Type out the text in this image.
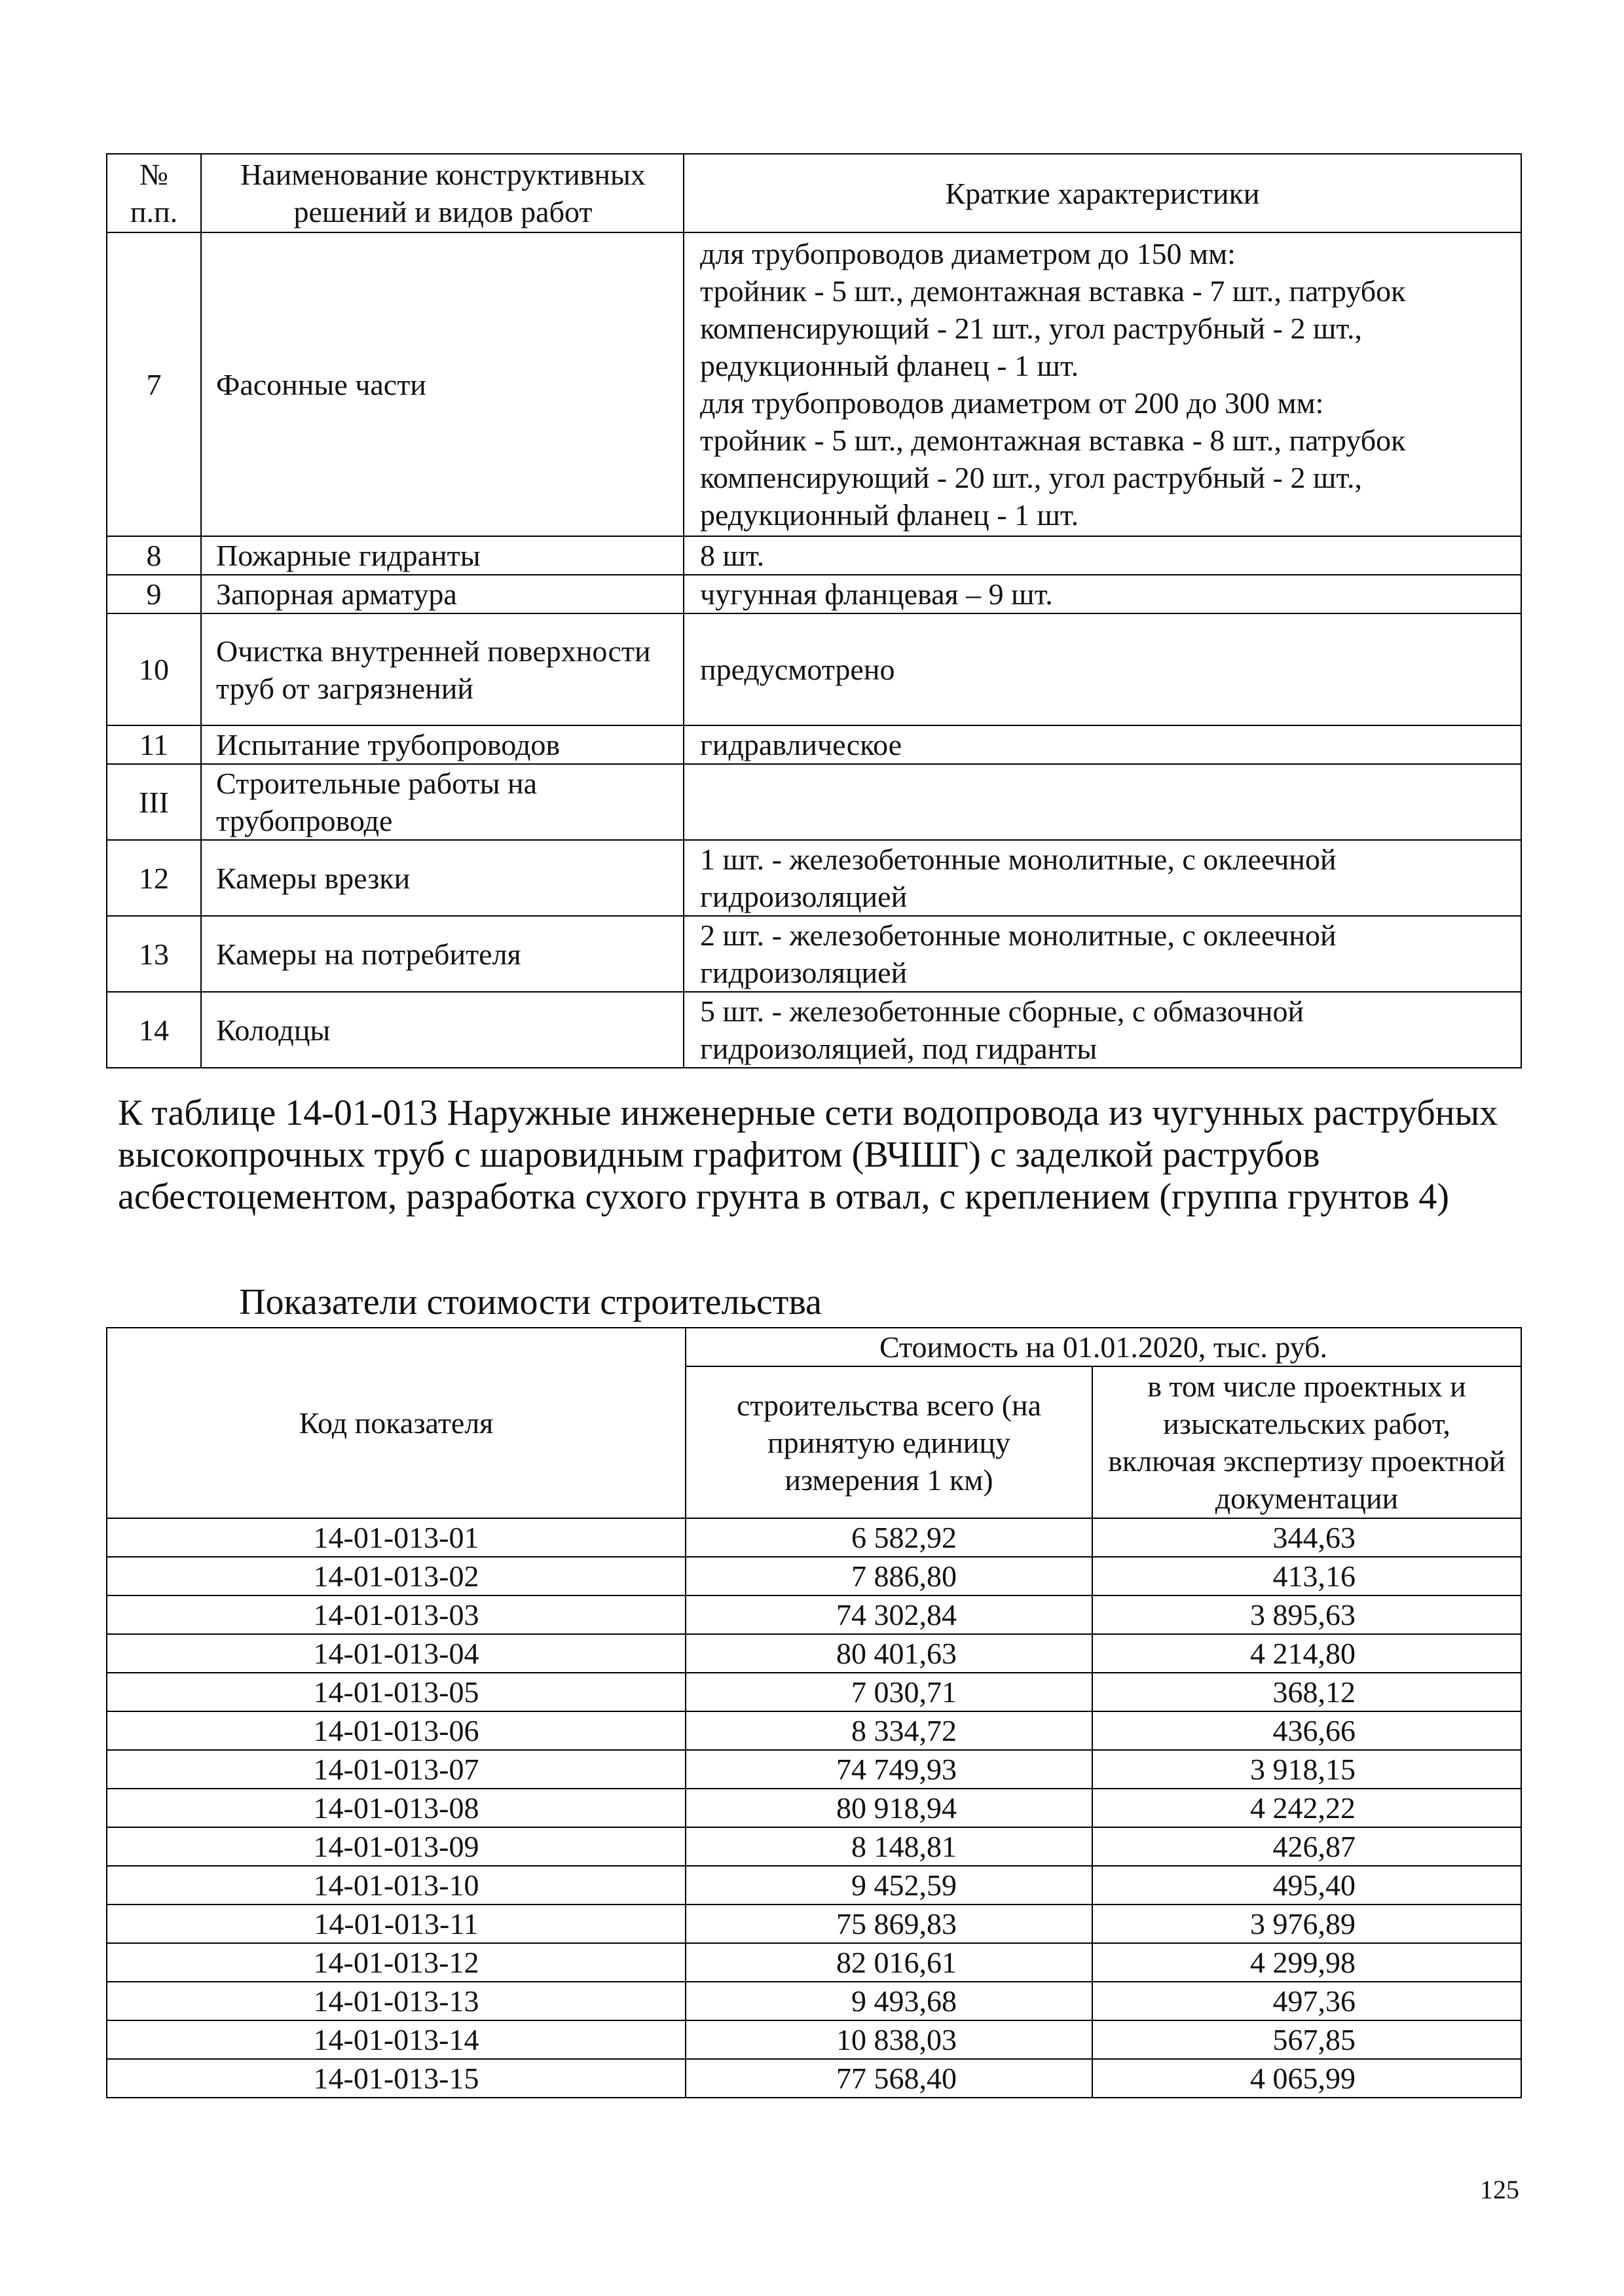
№ п.п.	Наименование конструктивных решений и видов работ	Краткие характеристики
7	Фасонные части	для трубопроводов диаметром до 150 мм:
тройник - 5 шт., демонтажная вставка - 7 шт., патрубок компенсирующий - 21 шт., угол раструбный - 2 шт., редукционный фланец - 1 шт.
для трубопроводов диаметром от 200 до 300 мм:
тройник - 5 шт., демонтажная вставка - 8 шт., патрубок компенсирующий - 20 шт., угол раструбный - 2 шт., редукционный фланец - 1 шт.

8	Пожарные гидранты	8 шт.

9	Запорная арматура	чугунная фланцевая – 9 шт.

10	Очистка внутренней поверхности труб от загрязнений	предусмотрено

11	Испытание трубопроводов	гидравлическое

III	Строительные работы на трубопроводе	

12	Камеры врезки	1 шт. - железобетонные монолитные, с оклеечной гидроизоляцией

13	Камеры на потребителя	2 шт. - железобетонные монолитные, с оклеечной гидроизоляцией

14	Колодцы	5 шт. - железобетонные сборные, с обмазочной гидроизоляцией, под гидранты
К таблице 14-01-013 Наружные инженерные сети водопровода из чугунных раструбных высокопрочных труб с шаровидным графитом (ВЧШГ) с заделкой раструбов асбестоцементом, разработка сухого грунта в отвал, с креплением (группа грунтов 4)
Показатели стоимости строительства
Код показателя	Стоимость на 01.01.2020, тыс. руб.	
	строительства всего (на принятую единицу измерения 1 км)	в том числе проектных и изыскательских работ, включая экспертизу проектной документации
14-01-013-01	6 582,92	344,63
14-01-013-02	7 886,80	413,16
14-01-013-03	74 302,84	3 895,63
14-01-013-04	80 401,63	4 214,80
14-01-013-05	7 030,71	368,12
14-01-013-06	8 334,72	436,66
14-01-013-07	74 749,93	3 918,15
14-01-013-08	80 918,94	4 242,22
14-01-013-09	8 148,81	426,87
14-01-013-10	9 452,59	495,40
14-01-013-11	75 869,83	3 976,89
14-01-013-12	82 016,61	4 299,98
14-01-013-13	9 493,68	497,36
14-01-013-14	10 838,03	567,85
14-01-013-15	77 568,40	4 065,99
125
